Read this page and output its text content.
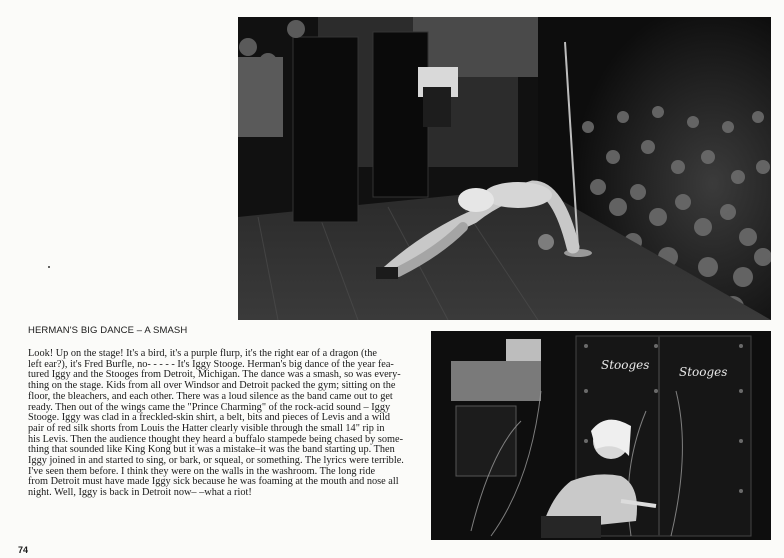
HERMAN'S BIG DANCE – A SMASH
Look! Up on the stage! It's a bird, it's a purple flurp, it's the right ear of a dragon (the
left ear?), it's Fred Burfle, no- - - - - It's Iggy Stooge. Herman's big dance of the year fea-
tured Iggy and the Stooges from Detroit, Michigan. The dance was a smash, so was every-
thing on the stage. Kids from all over Windsor and Detroit packed the gym; sitting on the
floor, the bleachers, and each other. There was a loud silence as the band came out to get
ready. Then out of the wings came the "Prince Charming" of the rock-acid sound – Iggy
Stooge. Iggy was clad in a freckled-skin shirt, a belt, bits and pieces of Levis and a wild
pair of red silk shorts from Louis the Hatter clearly visible through the small 14" rip in
his Levis. Then the audience thought they heard a buffalo stampede being chased by some-
thing that sounded like King Kong but it was a mistake–it was the band starting up. Then
Iggy joined in and started to sing, or bark, or squeal, or something. The lyrics were terrible.
I've seen them before. I think they were on the walls in the washroom. The long ride
from Detroit must have made Iggy sick because he was foaming at the mouth and nose all
night. Well, Iggy is back in Detroit now– –what a riot!
Stooges Stooges
74
